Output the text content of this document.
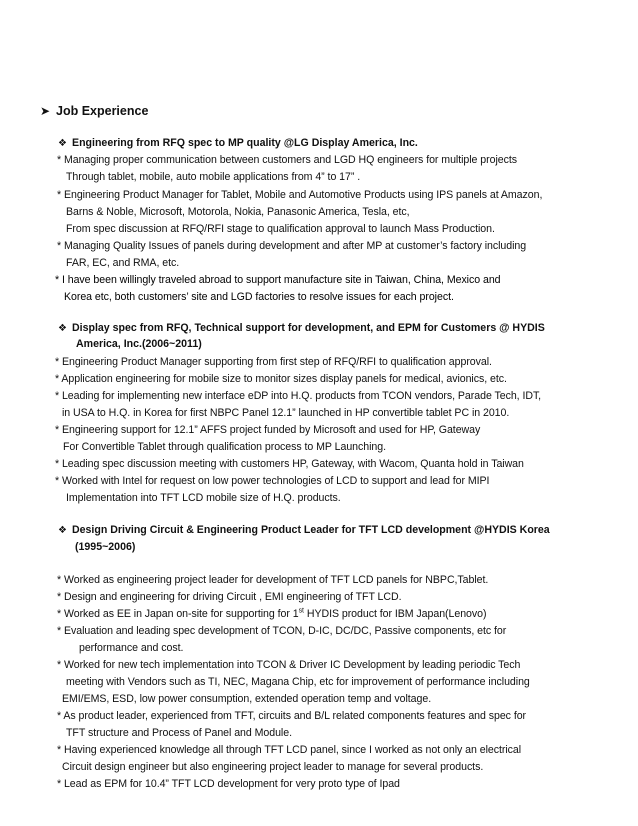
➤ Job Experience
❖ Engineering from RFQ spec to MP quality @LG Display America, Inc.
* Managing proper communication between customers and LGD HQ engineers for multiple projects
Through tablet, mobile, auto mobile applications from 4” to 17” .
* Engineering Product Manager for Tablet, Mobile and Automotive Products using IPS panels at Amazon,
Barns & Noble, Microsoft, Motorola, Nokia, Panasonic America, Tesla, etc,
From spec discussion at RFQ/RFI stage to qualification approval to launch Mass Production.
* Managing Quality Issues of panels during development and after MP at customer’s factory including
FAR, EC, and RMA, etc.
* I have been willingly traveled abroad to support manufacture site in Taiwan, China, Mexico and
Korea etc, both customers’ site and LGD factories to resolve issues for each project.
❖ Display spec from RFQ, Technical support for development, and EPM for Customers @ HYDIS
America, Inc.(2006~2011)
* Engineering Product Manager supporting from first step of RFQ/RFI to qualification approval.
* Application engineering for mobile size to monitor sizes display panels for medical, avionics, etc.
* Leading for implementing new interface eDP into H.Q. products from TCON vendors, Parade Tech, IDT,
in USA to H.Q. in Korea for first NBPC Panel 12.1” launched in HP convertible tablet PC in 2010.
* Engineering support for 12.1” AFFS project funded by Microsoft and used for HP, Gateway
For Convertible Tablet through qualification process to MP Launching.
* Leading spec discussion meeting with customers HP, Gateway, with Wacom, Quanta hold in Taiwan
* Worked with Intel for request on low power technologies of LCD to support and lead for MIPI
Implementation into TFT LCD mobile size of H.Q. products.
❖ Design Driving Circuit & Engineering Product Leader for TFT LCD development @HYDIS Korea
(1995~2006)
* Worked as engineering project leader for development of TFT LCD panels for NBPC,Tablet.
* Design and engineering for driving Circuit , EMI engineering of TFT LCD.
* Worked as EE in Japan on-site for supporting for 1st HYDIS product for IBM Japan(Lenovo)
* Evaluation and leading spec development of TCON, D-IC, DC/DC, Passive components, etc for
performance and cost.
* Worked for new tech implementation into TCON & Driver IC Development by leading periodic Tech
meeting with Vendors such as TI, NEC, Magana Chip, etc for improvement of performance including
EMI/EMS, ESD, low power consumption, extended operation temp and voltage.
* As product leader, experienced from TFT, circuits and B/L related components features and spec for
TFT structure and Process of Panel and Module.
* Having experienced knowledge all through TFT LCD panel, since I worked as not only an electrical
Circuit design engineer but also engineering project leader to manage for several products.
* Lead as EPM for 10.4” TFT LCD development for very proto type of Ipad
